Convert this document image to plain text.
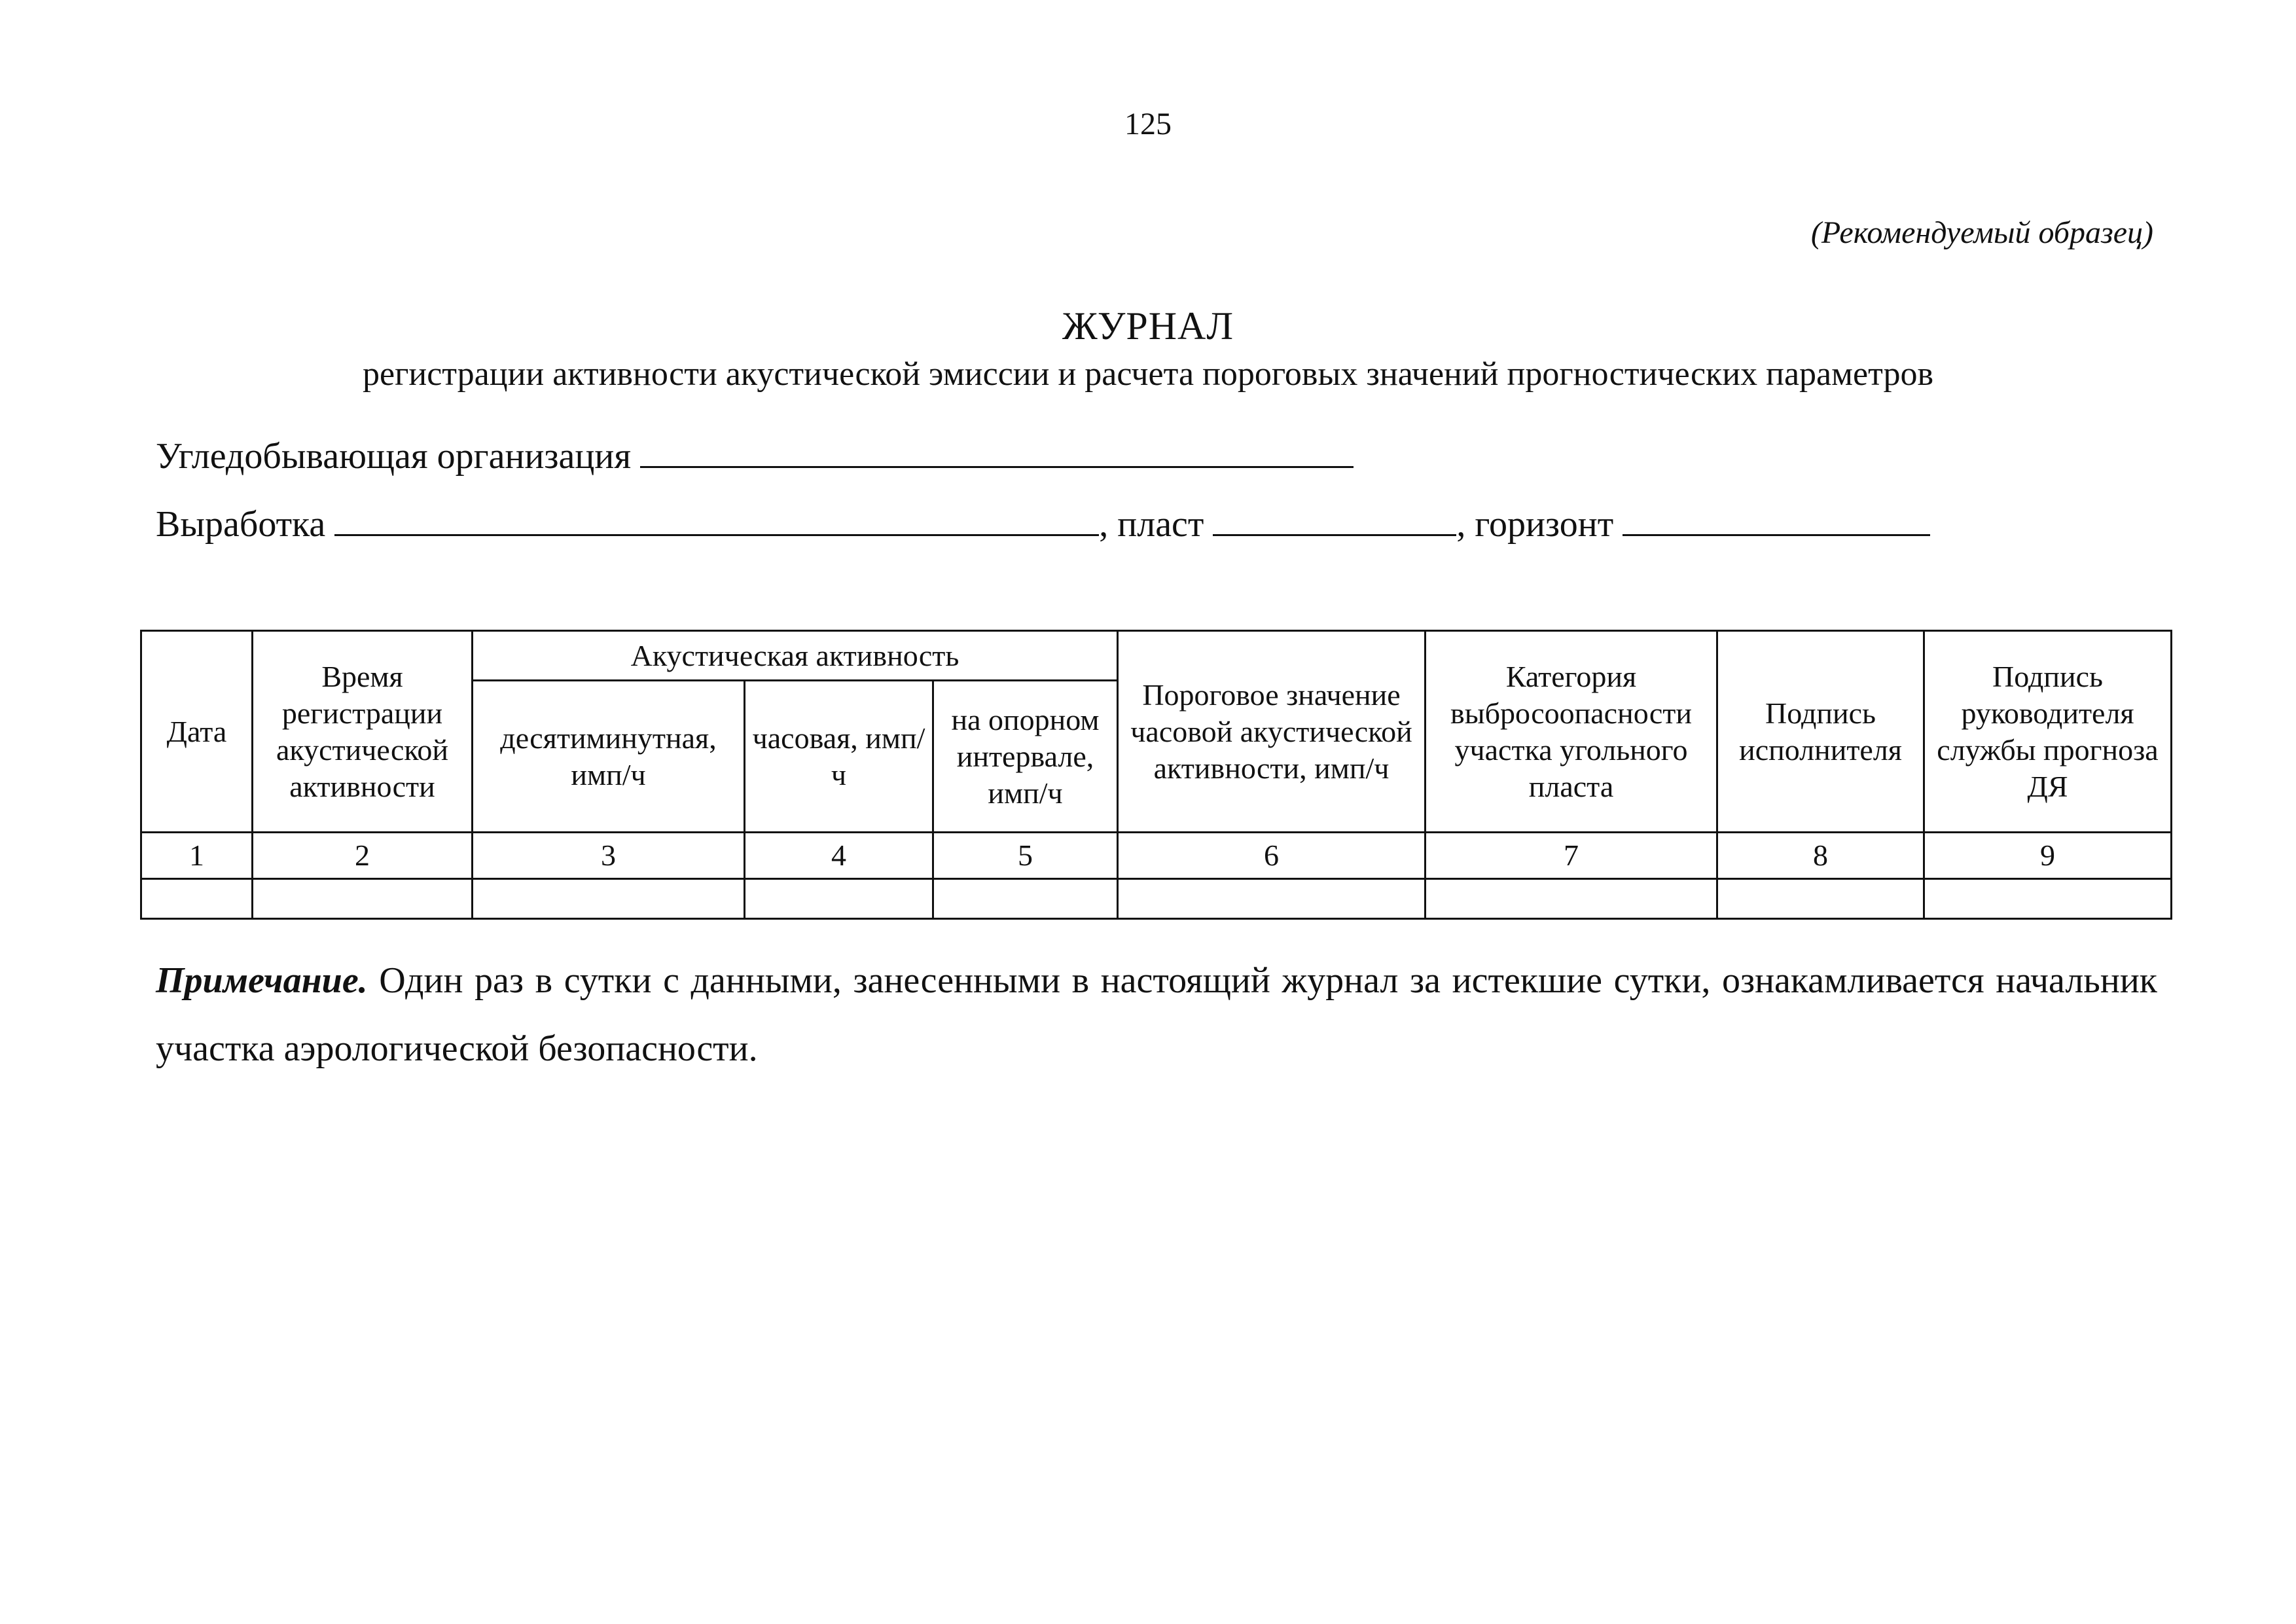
125
(Рекомендуемый образец)
ЖУРНАЛ
регистрации активности акустической эмиссии и расчета пороговых значений прогностических параметров
Угледобывающая организация
Выработка	, пласт	, горизонт
Дата	Время регистрации акустической активности	Акустическая активность			Пороговое значение часовой акустической активности, имп/ч	Категория выбросоопасности участка угольного пласта	Подпись исполнителя	Подпись руководителя службы прогноза ДЯ
		десятиминутная, имп/ч	часовая, имп/ч	на опорном интервале, имп/ч				
1	2	3	4	5	6	7	8	9

Примечание. Один раз в сутки с данными, занесенными в настоящий журнал за истекшие сутки, ознакамливается начальник участка аэрологической безопасности.
